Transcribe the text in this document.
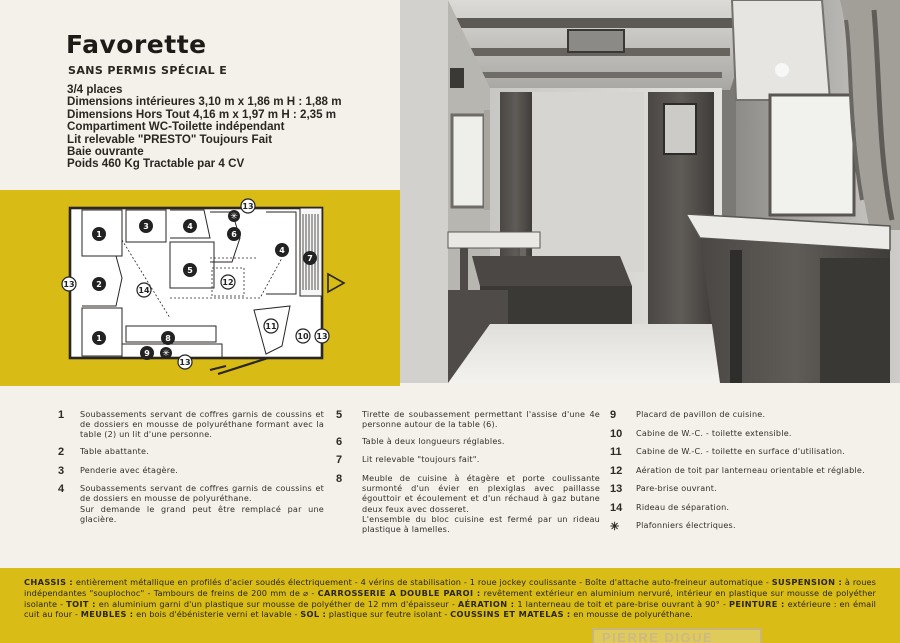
Favorette
SANS PERMIS SPÉCIAL E
3/4 places
Dimensions intérieures 3,10 m x 1,86 m H : 1,88 m
Dimensions Hors Tout 4,16 m x 1,97 m H : 2,35 m
Compartiment WC-Toilette indépendant
Lit relevable "PRESTO" Toujours Fait
Baie ouvrante
Poids 460 Kg Tractable par 4 CV
1
2
1
3	4
13
6
5
12
4
7
14
8
9
11
10
13
13
13
✳
✳
1	Soubassements servant de coffres garnis de coussins et de dossiers en mousse de polyuréthane formant avec la table (2) un lit d'une personne.
2	Table abattante.
3	Penderie avec étagère.
4	Soubassements servant de coffres garnis de coussins et de dossiers en mousse de polyuréthane.
Sur demande le grand peut être remplacé par une glacière.
5	Tirette de soubassement permettant l'assise d'une 4e personne autour de la table (6).
6	Table à deux longueurs réglables.
7	Lit relevable "toujours fait".
8	Meuble de cuisine à étagère et porte coulissante surmonté d'un évier en plexiglas avec paillasse égouttoir et écoulement et d'un réchaud à gaz butane deux feux avec dosseret.
L'ensemble du bloc cuisine est fermé par un rideau plastique à lamelles.
9	Placard de pavillon de cuisine.
10	Cabine de W.-C. - toilette extensible.
11	Cabine de W.-C. - toilette en surface d'utilisation.
12	Aération de toit par lanterneau orientable et réglable.
13	Pare-brise ouvrant.
14	Rideau de séparation.
✳	Plafonniers électriques.
CHASSIS : entièrement métallique en profilés d'acier soudés électriquement - 4 vérins de stabilisation - 1 roue jockey coulissante - Boîte d'attache auto-freineur automatique - SUSPENSION : à roues indépendantes "souplochoc" - Tambours de freins de 200 mm de ⌀ - CARROSSERIE A DOUBLE PAROI : revêtement extérieur en aluminium nervuré, intérieur en plastique sur mousse de polyéther isolante - TOIT : en aluminium garni d'un plastique sur mousse de polyéther de 12 mm d'épaisseur - AÉRATION : 1 lanterneau de toit et pare-brise ouvrant à 90° - PEINTURE : extérieure : en émail cuit au four - MEUBLES : en bois d'ébénisterie verni et lavable - SOL : plastique sur feutre isolant - COUSSINS ET MATELAS : en mousse de polyuréthane.
PIERRE DIGUE
